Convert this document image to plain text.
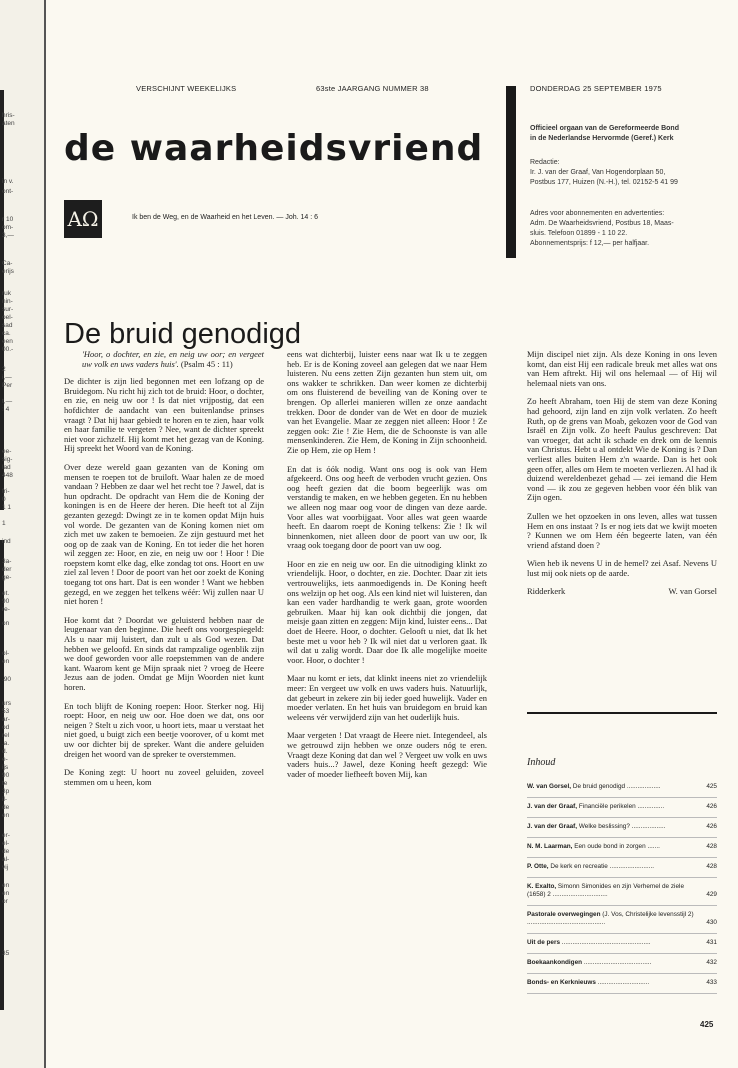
hris-
aten
in v.
ont-
r 10
om-
3,—
Ca-
erijs
ruk
nin-
sur-
oel-
sad
ca.
een
00.-
2
i,—
Per
t,—
: 4
ee-
sig-
lad
448
fri-
0
1 1
1
ind
3a-
der
ge-
et.
90
re-
on
ol-
en
.90
urs
53
ar-
od
rel
.a.
d.
e-
ijs
90
te
3p
il-
de
en
er-
el-
de
al-
vij
en
en
or
35
VERSCHIJNT WEEKELIJKS	63ste JAARGANG NUMMER 38	DONDERDAG 25 SEPTEMBER 1975
de waarheidsvriend
AΩ	Ik ben de Weg, en de Waarheid en het Leven. — Joh. 14 : 6
Officieel orgaan van de Gereformeerde Bond
in de Nederlandse Hervormde (Geref.) Kerk
Redactie:
Ir. J. van der Graaf, Van Hogendorplaan 50,
Postbus 177, Huizen (N.-H.), tel. 02152-5 41 99
Adres voor abonnementen en advertenties:
Adm. De Waarheidsvriend, Postbus 18, Maas-
sluis. Telefoon 01899 - 1 10 22.
Abonnementsprijs: f 12,— per halfjaar.
De bruid genodigd
'Hoor, o dochter, en zie, en neig uw oor; en vergeet uw volk en uws vaders huis'. (Psalm 45 : 11)

De dichter is zijn lied begonnen met een lofzang op de Bruidegom. Nu richt hij zich tot de bruid: Hoor, o dochter, en zie, en neig uw oor ! Is dat niet vrijpostig, dat een hofdichter de aandacht van een buitenlandse prinses vraagt ? Dat hij haar gebiedt te horen en te zien, haar volk en haar familie te vergeten ? Nee, want de dichter spreekt niet voor zichzelf. Hij komt met het gezag van de Koning. Hij spreekt het Woord van de Koning.

Over deze wereld gaan gezanten van de Koning om mensen te roepen tot de bruiloft. Waar halen ze de moed vandaan ? Hebben ze daar wel het recht toe ? Jawel, dat is hun opdracht. De opdracht van Hem die de Koning der koningen is en de Heere der heren. Die heeft tot al Zijn gezanten gezegd: Dwingt ze in te komen opdat Mijn huis vol worde. De gezanten van de Koning komen niet om zich met uw zaken te bemoeien. Ze zijn gestuurd met het oog op de zaak van de Koning. En tot ieder die het horen wil zeggen ze: Hoor, en zie, en neig uw oor ! Hoor ! Die roepstem komt elke dag, elke zondag tot ons. Hoort en uw ziel zal leven ! Door de poort van het oor zoekt de Koning toegang tot ons hart. Dat is een wonder ! Want we hebben gezegd, en we zeggen het telkens wéér: Wij zullen naar U niet horen !

Hoe komt dat ? Doordat we geluisterd hebben naar de leugenaar van den beginne. Die heeft ons voorgespiegeld: Als u naar mij luistert, dan zult u als God wezen. Dat hebben we geloofd. En sinds dat rampzalige ogenblik zijn we doof geworden voor alle roepstemmen van de andere kant. Waarom kent ge Mijn spraak niet ? vroeg de Heere Jezus aan de joden. Omdat ge Mijn Woorden niet kunt horen.

En toch blijft de Koning roepen: Hoor. Sterker nog. Hij roept: Hoor, en neig uw oor. Hoe doen we dat, ons oor neigen ? Stelt u zich voor, u hoort iets, maar u verstaat het niet goed, u buigt zich een beetje voorover, of u komt met uw oor dichter bij de spreker. Want die andere geluiden dreigen het woord van de spreker te overstemmen.

De Koning zegt: U hoort nu zoveel geluiden, zoveel stemmen om u heen, kom

eens wat dichterbij, luister eens naar wat Ik u te zeggen heb. Er is de Koning zoveel aan gelegen dat we naar Hem luisteren. Nu eens zetten Zijn gezanten hun stem uit, om ons wakker te schrikken. Dan weer komen ze dichterbij om ons fluisterend de beveiling van de Koning over te brengen. Op allerlei manieren willen ze onze aandacht trekken. Door de donder van de Wet en door de muziek van het Evangelie. Maar ze zeggen niet alleen: Hoor ! Ze zeggen ook: Zie ! Zie Hem, die de Schoonste is van alle mensenkinderen. Zie Hem, de Koning in Zijn schoonheid. Zie op Hem, zie op Hem !

En dat is óók nodig. Want ons oog is ook van Hem afgekeerd. Ons oog heeft de verboden vrucht gezien. Ons oog heeft gezien dat die boom begeerlijk was om verstandig te maken, en we hebben gegeten. En nu hebben we alleen nog maar oog voor de dingen van deze aarde. Voor alles wat voorbijgaat. Voor alles wat geen waarde heeft. En daarom roept de Koning telkens: Zie ! Ik wil binnenkomen, niet alleen door de poort van uw oor, Ik vraag ook toegang door de poort van uw oog.

Hoor en zie en neig uw oor. En die uitnodiging klinkt zo vriendelijk. Hoor, o dochter, en zie. Dochter. Daar zit iets vertrouwelijks, iets aanmoedigends in. De Koning heeft ons welzijn op het oog. Als een kind niet wil luisteren, dan kan een vader hardhandig te werk gaan, grote woorden gebruiken. Maar hij kan ook dichtbij die jongen, dat meisje gaan zitten en zeggen: Mijn kind, luister eens... Dat doet de Heere. Hoor, o dochter. Gelooft u niet, dat Ik het beste met u voor heb ? Ik wil niet dat u verloren gaat. Ik wil dat u zalig wordt. Daar doe Ik alle mogelijke moeite voor. Hoor, o dochter !

Maar nu komt er iets, dat klinkt ineens niet zo vriendelijk meer: En vergeet uw volk en uws vaders huis. Natuurlijk, dat gebeurt in zekere zin bij ieder goed huwelijk. Vader en moeder verlaten. En het huis van bruidegom en bruid kan weleens vér verwijderd zijn van het ouderlijk huis.

Maar vergeten ! Dat vraagt de Heere niet. Integendeel, als we getrouwd zijn hebben we onze ouders nóg te eren. Vraagt deze Koning dat dan wel ? Vergeet uw volk en uws vaders huis...? Jawel, deze Koning heeft gezegd: Wie vader of moeder liefheeft boven Mij, kan

Mijn discipel niet zijn. Als deze Koning in ons leven komt, dan eist Hij een radicale breuk met alles wat ons van Hem aftrekt. Hij wil ons helemaal — of Hij wil helemaal niets van ons.

Zo heeft Abraham, toen Hij de stem van deze Koning had gehoord, zijn land en zijn volk verlaten. Zo heeft Ruth, op de grens van Moab, gekozen voor de God van Israël en Zijn volk. Zo heeft Paulus geschreven: Dat van vroeger, dat acht ik schade en drek om de kennis van Christus. Hebt u al ontdekt Wie de Koning is ? Dan verliest alles buiten Hem z'n waarde. Dan is het ook geen offer, alles om Hem te moeten verliezen. Al had ik duizend wereldenbezet gehad — zei iemand die Hem vond — ik zou ze gegeven hebben voor één blik van Zijn ogen.

Zullen we het opzoeken in ons leven, alles wat tussen Hem en ons instaat ? Is er nog iets dat we kwijt moeten ? Kunnen we om Hem één begeerte laten, van één vriend afstand doen ?

Wien heb ik nevens U in de hemel? zei Asaf. Nevens U lust mij ook niets op de aarde.

Ridderkerk	W. van Gorsel
Inhoud
W. van Gorsel, De bruid genodigd ...................	425
J. van der Graaf, Financiële perikelen ...............	426
J. van der Graaf, Welke beslissing? ...................	426
N. M. Laarman, Een oude bond in zorgen .......	428
P. Otte, De kerk en recreatie .........................	428
K. Exalto, Simonn Simonides en zijn Verhemel de ziele (1658) 2 ...............................	429
Pastorale overwegingen (J. Vos, Christelijke levensstijl 2) ............................................	430
Uit de pers ..................................................	431
Boekaankondigen ......................................	432
Bonds- en Kerknieuws .............................	433
425
